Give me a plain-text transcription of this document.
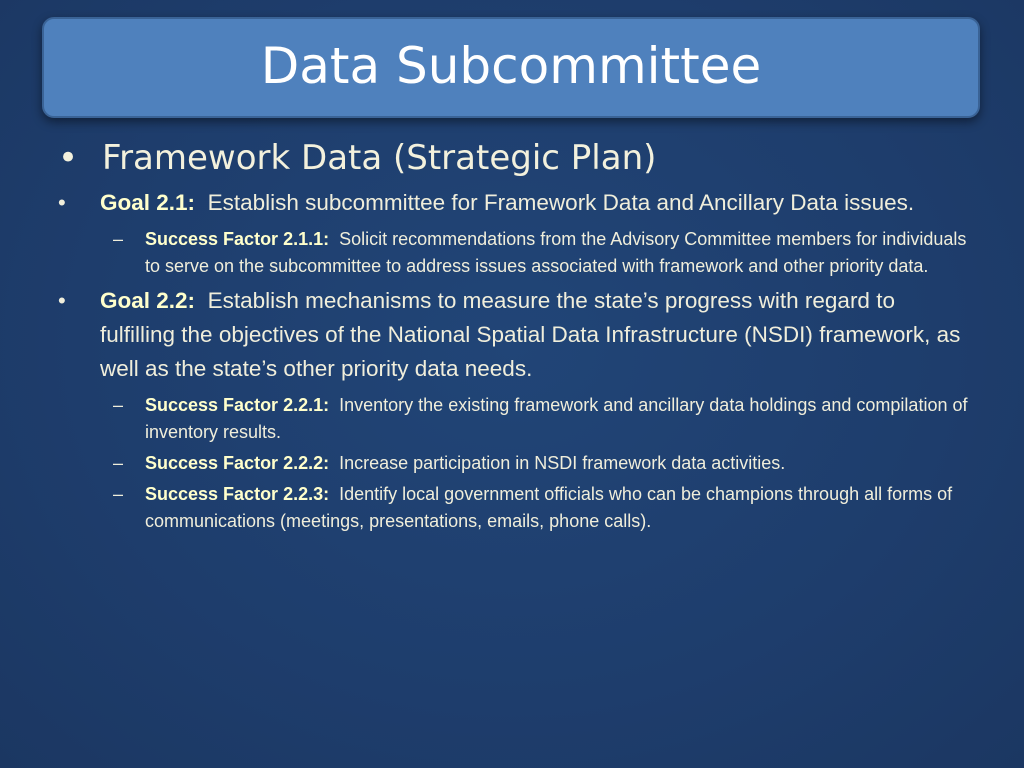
Data Subcommittee
• Framework Data (Strategic Plan)
• Goal 2.1: Establish subcommittee for Framework Data and Ancillary Data issues.
– Success Factor 2.1.1: Solicit recommendations from the Advisory Committee members for individuals to serve on the subcommittee to address issues associated with framework and other priority data.
• Goal 2.2: Establish mechanisms to measure the state’s progress with regard to fulfilling the objectives of the National Spatial Data Infrastructure (NSDI) framework, as well as the state’s other priority data needs.
– Success Factor 2.2.1: Inventory the existing framework and ancillary data holdings and compilation of inventory results.
– Success Factor 2.2.2: Increase participation in NSDI framework data activities.
– Success Factor 2.2.3: Identify local government officials who can be champions through all forms of communications (meetings, presentations, emails, phone calls).
